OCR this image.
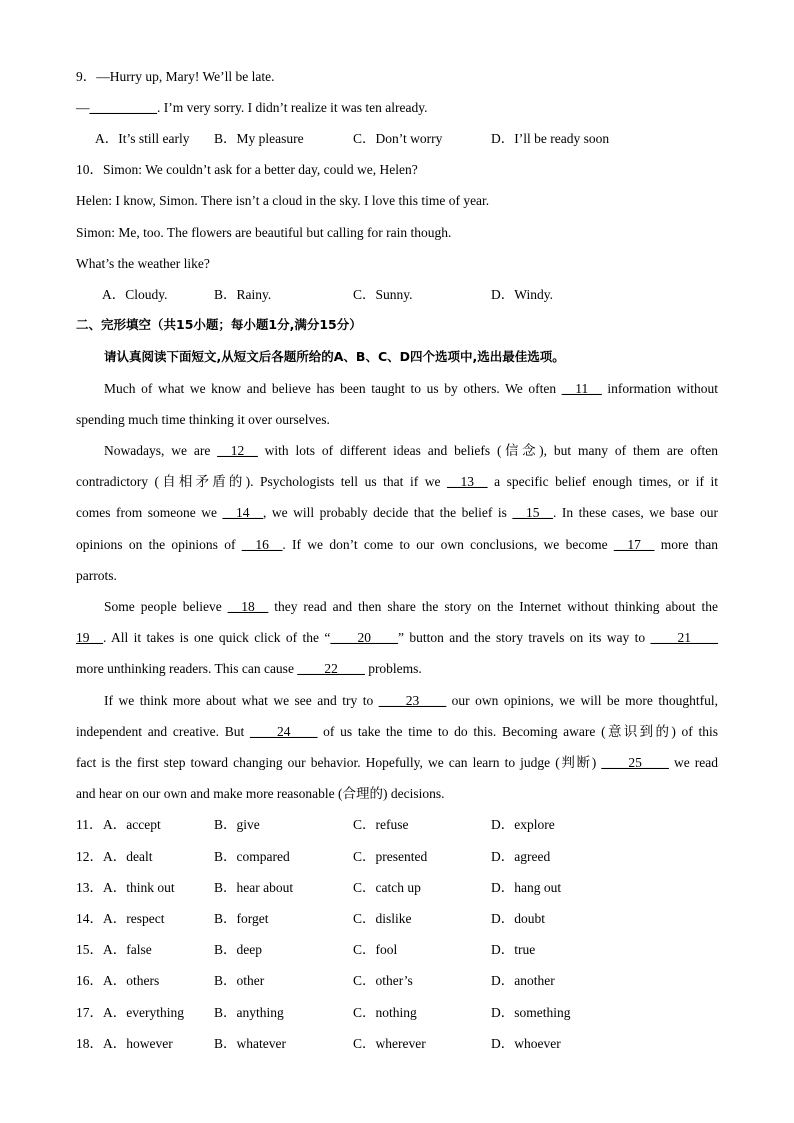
9．—Hurry up, Mary! We’ll be late.
—__________. I’m very sorry. I didn’t realize it was ten already.
A．It’s still early B．My pleasure	C．Don’t worry	D．I’ll be ready soon
10．Simon: We couldn’t ask for a better day, could we, Helen?
Helen: I know, Simon. There isn’t a cloud in the sky. I love this time of year.
Simon: Me, too. The flowers are beautiful but calling for rain though.
What’s the weather like?
A．Cloudy.	B．Rainy.	C．Sunny.	D．Windy.
二、完形填空（共15小题；每小题1分,满分15分）
请认真阅读下面短文,从短文后各题所给的A、B、C、D四个选项中,选出最佳选项。
Much of what we know and believe has been taught to us by others. We often __11__ information without
spending much time thinking it over ourselves.
Nowadays, we are __12__ with lots of different ideas and beliefs (信念), but many of them are often
contradictory (自相矛盾的). Psychologists tell us that if we __13__ a specific belief enough times, or if it
comes from someone we __14__, we will probably decide that the belief is __15__. In these cases, we base our
opinions on the opinions of __16__. If we don’t come to our own conclusions, we become __17__ more than
parrots.
Some people believe __18__ they read and then share the story on the Internet without thinking about the
19__. All it takes is one quick click of the “____20____” button and the story travels on its way to ____21____
more unthinking readers. This can cause ____22____ problems.
If we think more about what we see and try to ____23____ our own opinions, we will be more thoughtful,
independent and creative. But ____24____ of us take the time to do this. Becoming aware (意识到的) of this
fact is the first step toward changing our behavior. Hopefully, we can learn to judge (判断) ____25____ we read
and hear on our own and make more reasonable (合理的) decisions.
11． A．accept	B．give	C．refuse	D．explore
12． A．dealt	B．compared	C．presented	D．agreed
13． A．think out	B．hear about	C．catch up	D．hang out
14． A．respect	B．forget	C．dislike	D．doubt
15． A．false	B．deep	C．fool	D．true
16． A．others	B．other	C．other’s	D．another
17． A．everything B．anything	C．nothing	D．something
18． A．however	B．whatever	C．wherever	D．whoever
